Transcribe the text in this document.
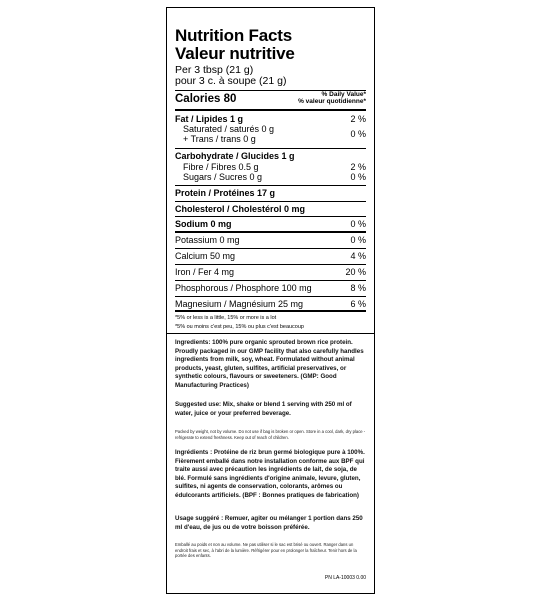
Nutrition Facts
Valeur nutritive
Per 3 tbsp (21 g)
pour 3 c. à soupe (21 g)
Calories 80	% Daily Value*
% valeur quotidienne*
Fat / Lipides 1 g	2 %
Saturated / saturés 0 g
+ Trans / trans 0 g	0 %
Carbohydrate / Glucides 1 g
Fibre / Fibres 0.5 g	2 %
Sugars / Sucres 0 g	0 %
Protein / Protéines 17 g
Cholesterol / Cholestérol 0 mg
Sodium 0 mg	0 %
Potassium 0 mg	0 %
Calcium 50 mg	4 %
Iron / Fer 4 mg	20 %
Phosphorous / Phosphore 100 mg	8 %
Magnesium / Magnésium 25 mg	6 %
*5% or less is a little, 15% or more is a lot
*5% ou moins c'est peu, 15% ou plus c'est beaucoup
Ingredients: 100% pure organic sprouted brown rice protein. Proudly packaged in our GMP facility that also carefully handles ingredients from milk, soy, wheat. Formulated without animal products, yeast, gluten, sulfites, artificial preservatives, or synthetic colours, flavours or sweeteners. (GMP: Good Manufacturing Practices)
Suggested use: Mix, shake or blend 1 serving with 250 ml of water, juice or your preferred beverage.
Packed by weight, not by volume. Do not use if bag is broken or open. Store in a cool, dark, dry place - refrigerate to extend freshness. Keep out of reach of children.
Ingrédients : Protéine de riz brun germé biologique pure à 100%. Fièrement emballé dans notre installation conforme aux BPF qui traite aussi avec précaution les ingrédients de lait, de soja, de blé. Formulé sans ingrédients d'origine animale, levure, gluten, sulfites, ni agents de conservation, colorants, arômes ou édulcorants artificiels. (BPF : Bonnes pratiques de fabrication)
Usage suggéré : Remuer, agiter ou mélanger 1 portion dans 250 ml d'eau, de jus ou de votre boisson préférée.
Emballé au poids et non au volume. Ne pas utiliser si le sac est brisé ou ouvert. Ranger dans un endroit frais et sec, à l'abri de la lumière. Réfrigérer pour en prolonger la fraîcheur. Tenir hors de la portée des enfants.
PN LA-10003 0.00
